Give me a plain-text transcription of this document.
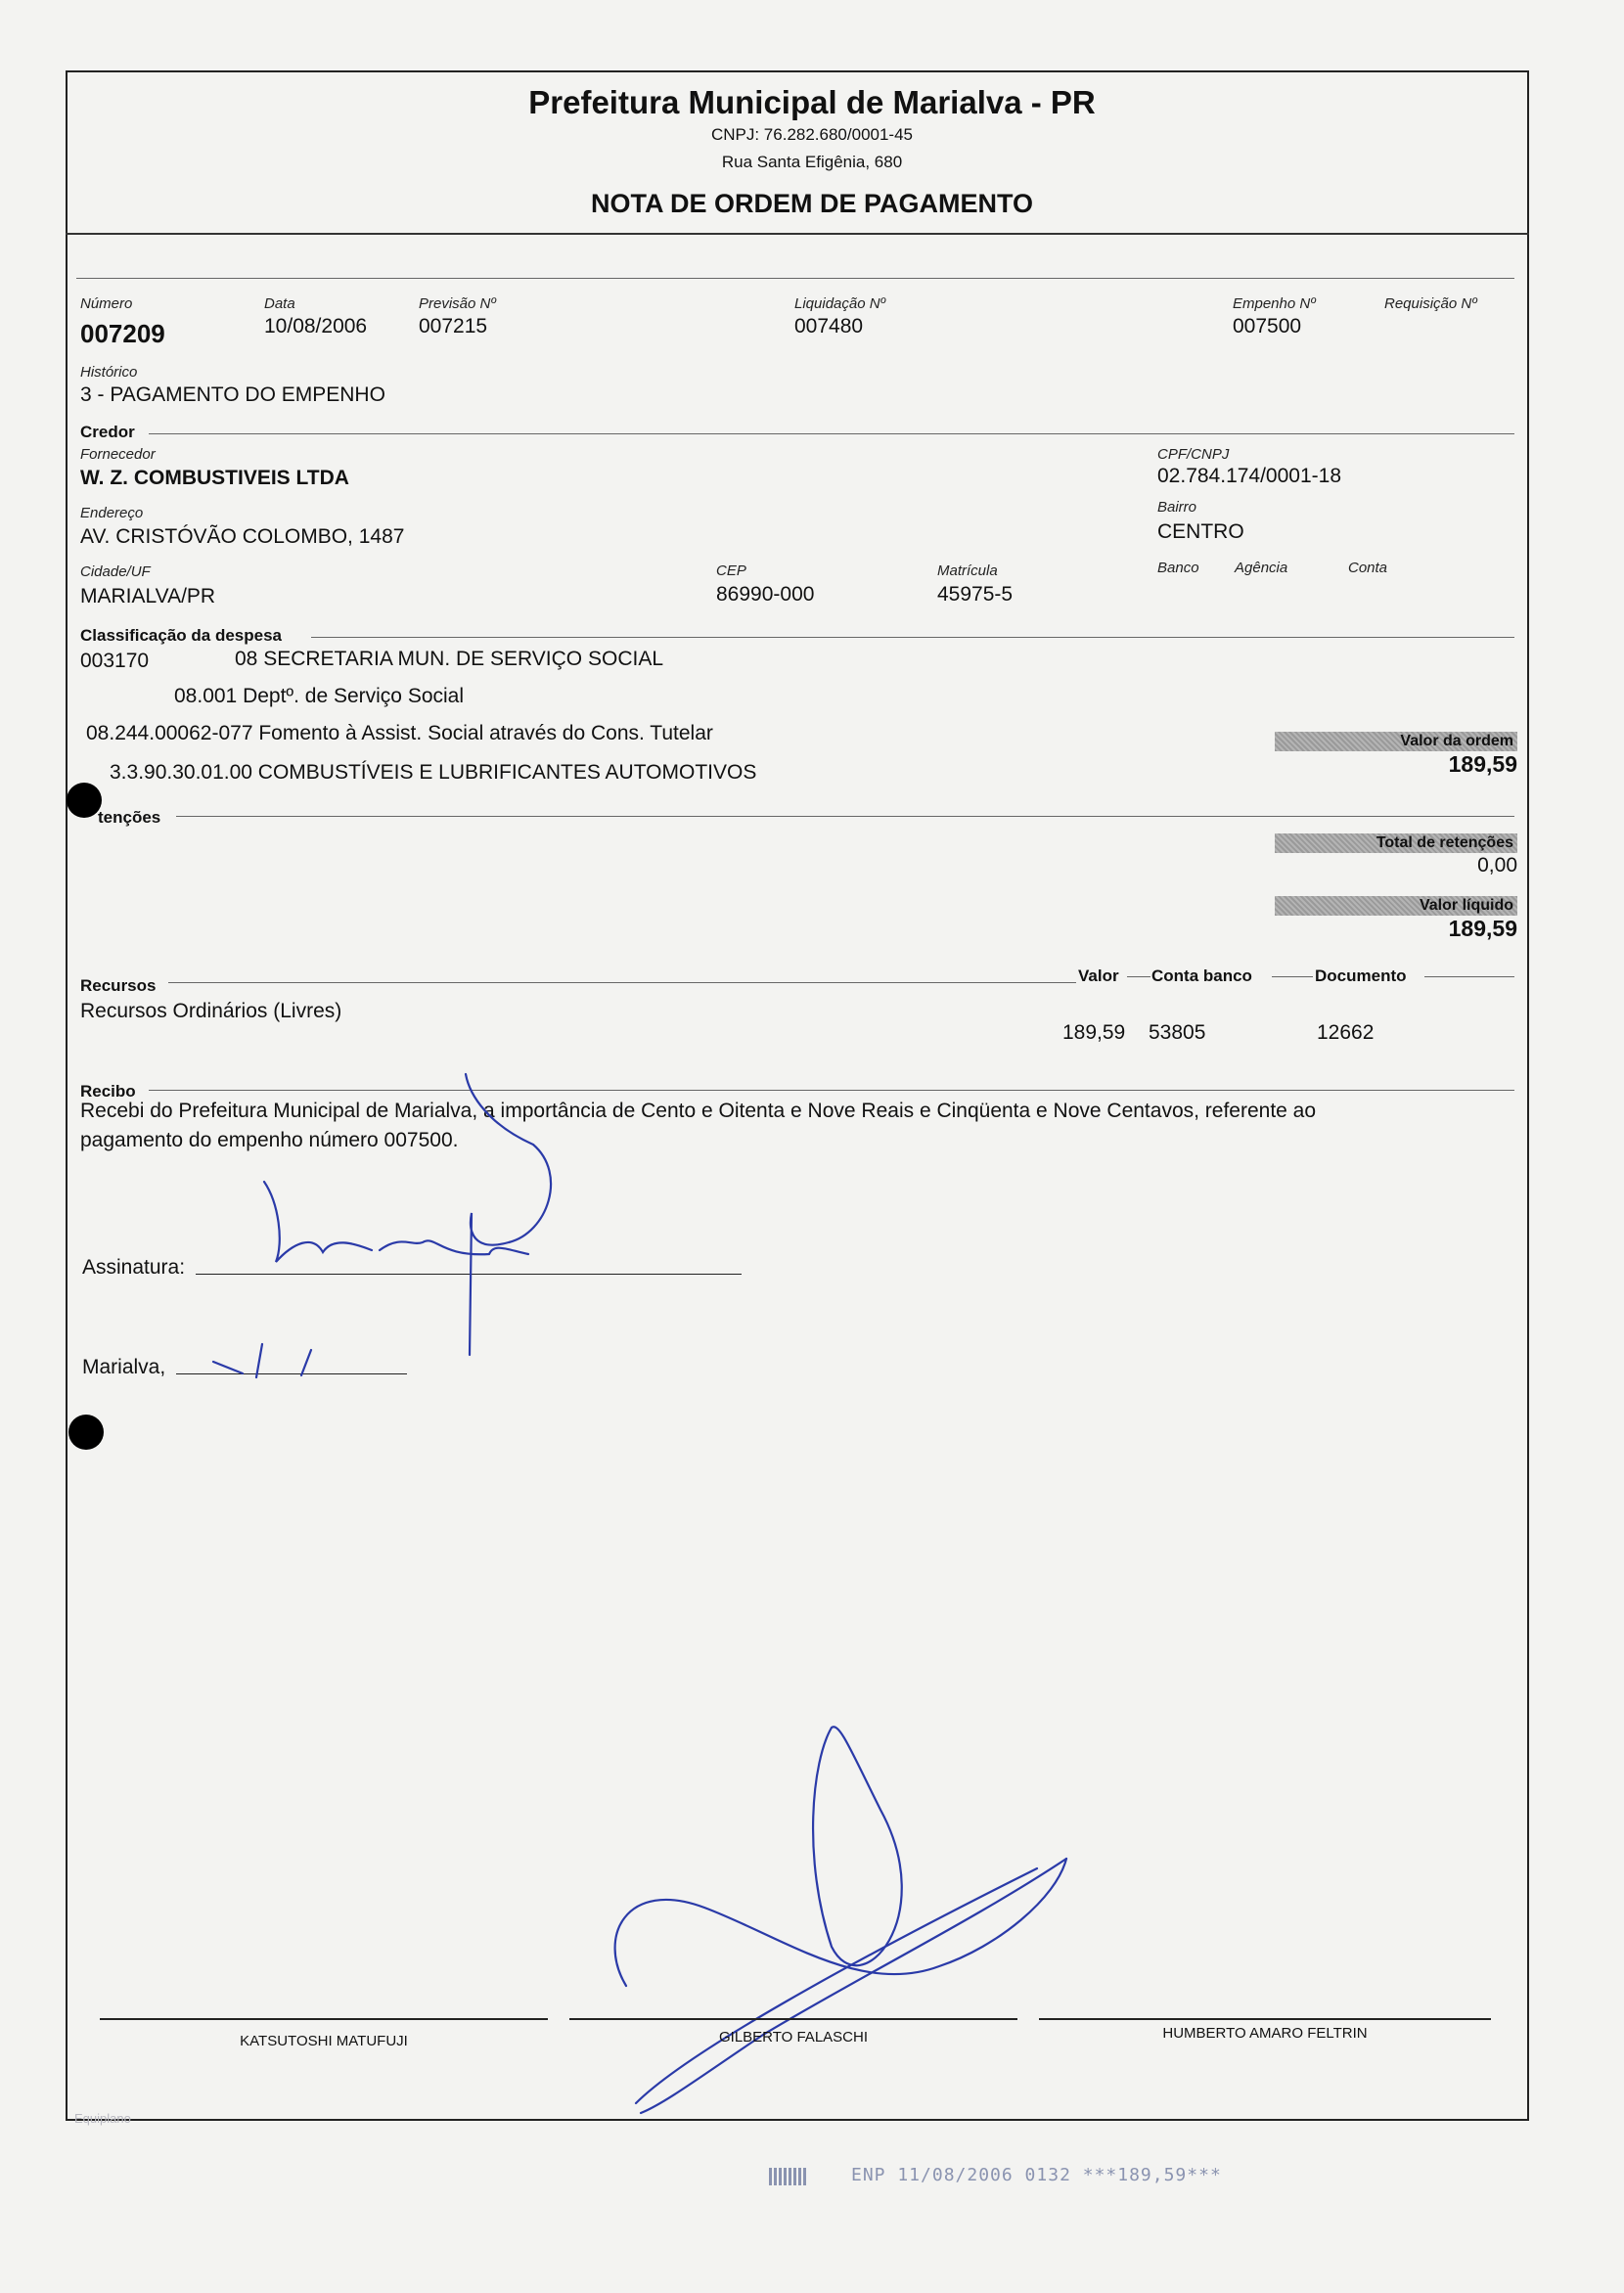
Prefeitura Municipal de Marialva - PR
CNPJ: 76.282.680/0001-45
Rua Santa Efigênia, 680
NOTA DE ORDEM DE PAGAMENTO
Número
007209
Data
10/08/2006
Previsão Nº
007215
Liquidação Nº
007480
Empenho Nº
007500
Requisição Nº
Histórico
3 - PAGAMENTO DO EMPENHO
Credor
Fornecedor
W. Z. COMBUSTIVEIS LTDA
CPF/CNPJ
02.784.174/0001-18
Endereço
AV. CRISTÓVÃO COLOMBO, 1487
Bairro
CENTRO
Cidade/UF
MARIALVA/PR
CEP
86990-000
Matrícula
45975-5
Banco Agência	Conta
Classificação da despesa
003170	08 SECRETARIA MUN. DE SERVIÇO SOCIAL
08.001 Deptº. de Serviço Social
08.244.00062-077 Fomento à Assist. Social através do Cons. Tutelar
3.3.90.30.01.00 COMBUSTÍVEIS E LUBRIFICANTES AUTOMOTIVOS
Valor da ordem
189,59
tenções
Total de retenções
0,00
Valor líquido
189,59
Recursos
Valor Conta banco	Documento
Recursos Ordinários (Livres)
189,59 53805	12662
Recibo
Recebi do Prefeitura Municipal de Marialva, a importância de Cento e Oitenta e Nove Reais e Cinqüenta e Nove Centavos, referente ao
pagamento do empenho número 007500.
Assinatura:
Marialva,
KATSUTOSHI MATUFUJI	GILBERTO FALASCHI	HUMBERTO AMARO FELTRIN
Equiplano
ENP 11/08/2006 0132 ***189,59***
